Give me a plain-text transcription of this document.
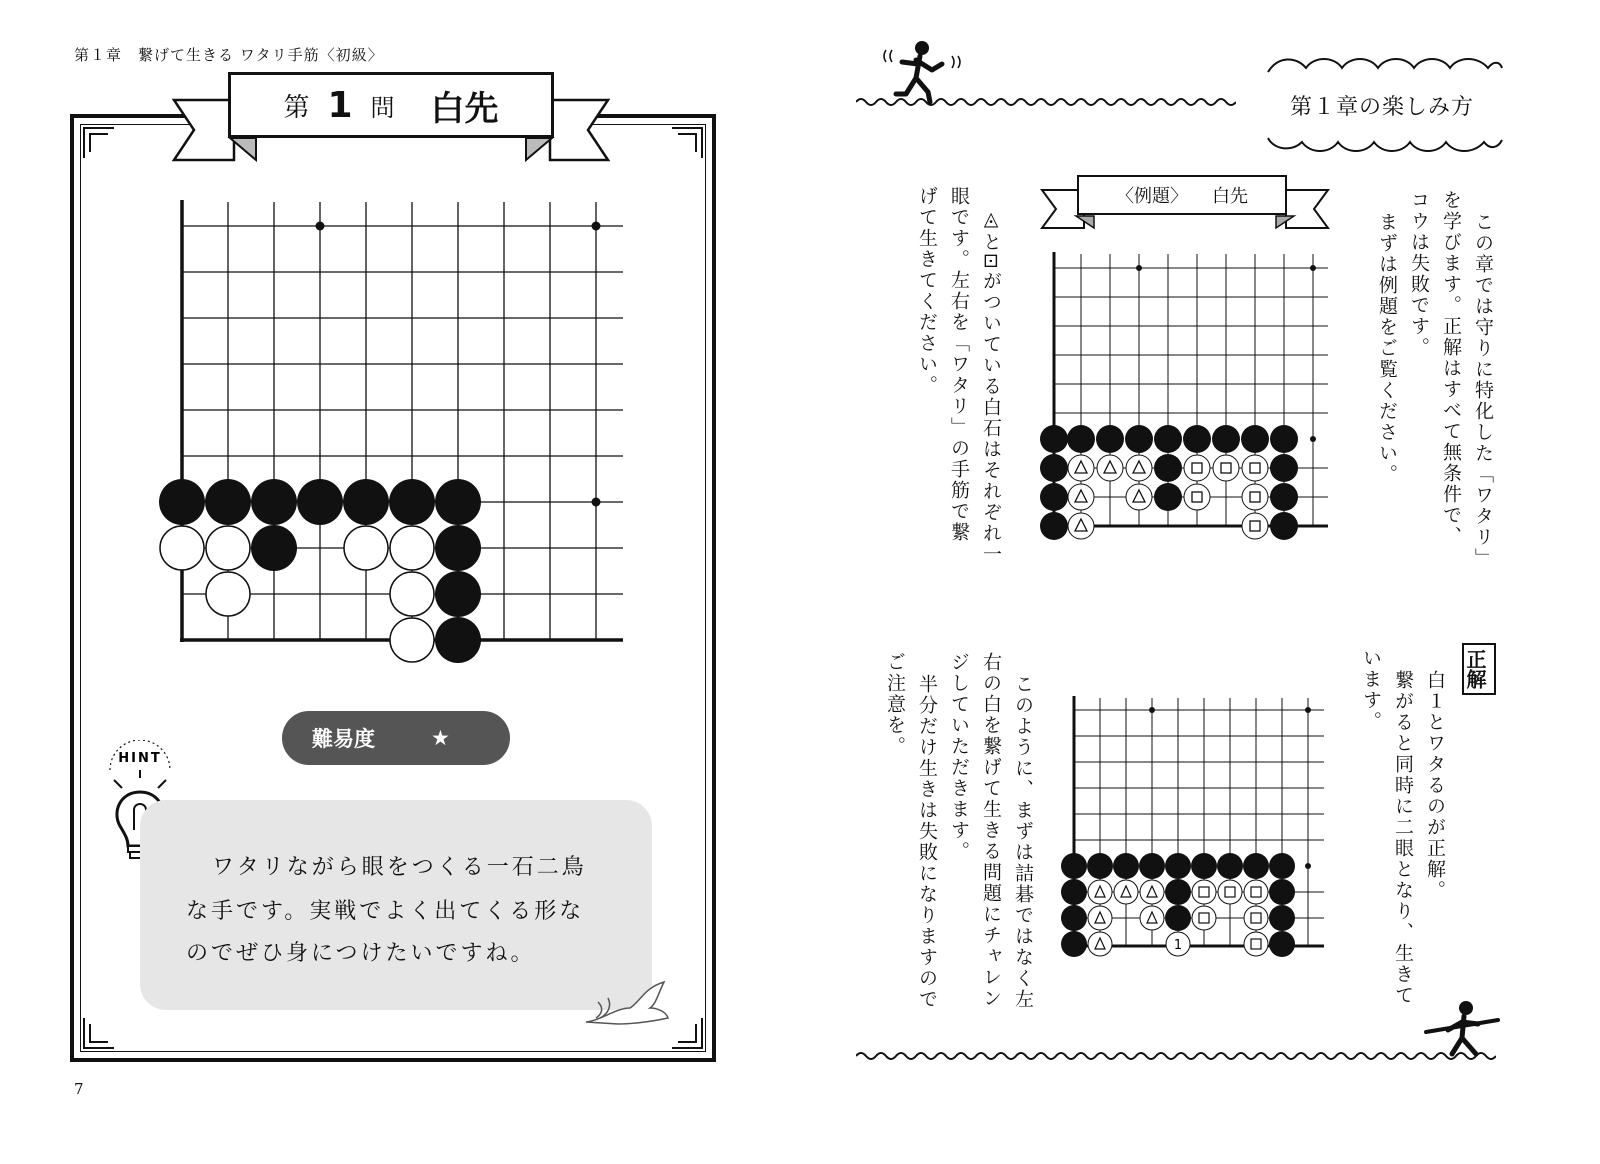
第１章　繋げて生きる ワタリ手筋〈初級〉
第 1 問 白先
難易度	★
HINT
ワタリながら眼をつくる一石二鳥
な手です。実戦でよく出てくる形な
のでぜひ身につけたいですね。
7
第１章の楽しみ方
この章では守りに特化した「ワタリ」
を学びます。正解はすべて無条件で、
コウは失敗です。
まずは例題をご覧ください。
〈例題〉 白先
◬と⊡がついている白石はそれぞれ一
眼です。左右を「ワタリ」の手筋で繋
げて生きてください。
正解
白１とワタるのが正解。
繋がると同時に二眼となり、生きて
います。
1
このように、まずは詰碁ではなく左
右の白を繋げて生きる問題にチャレン
ジしていただきます。
半分だけ生きは失敗になりますので
ご注意を。
